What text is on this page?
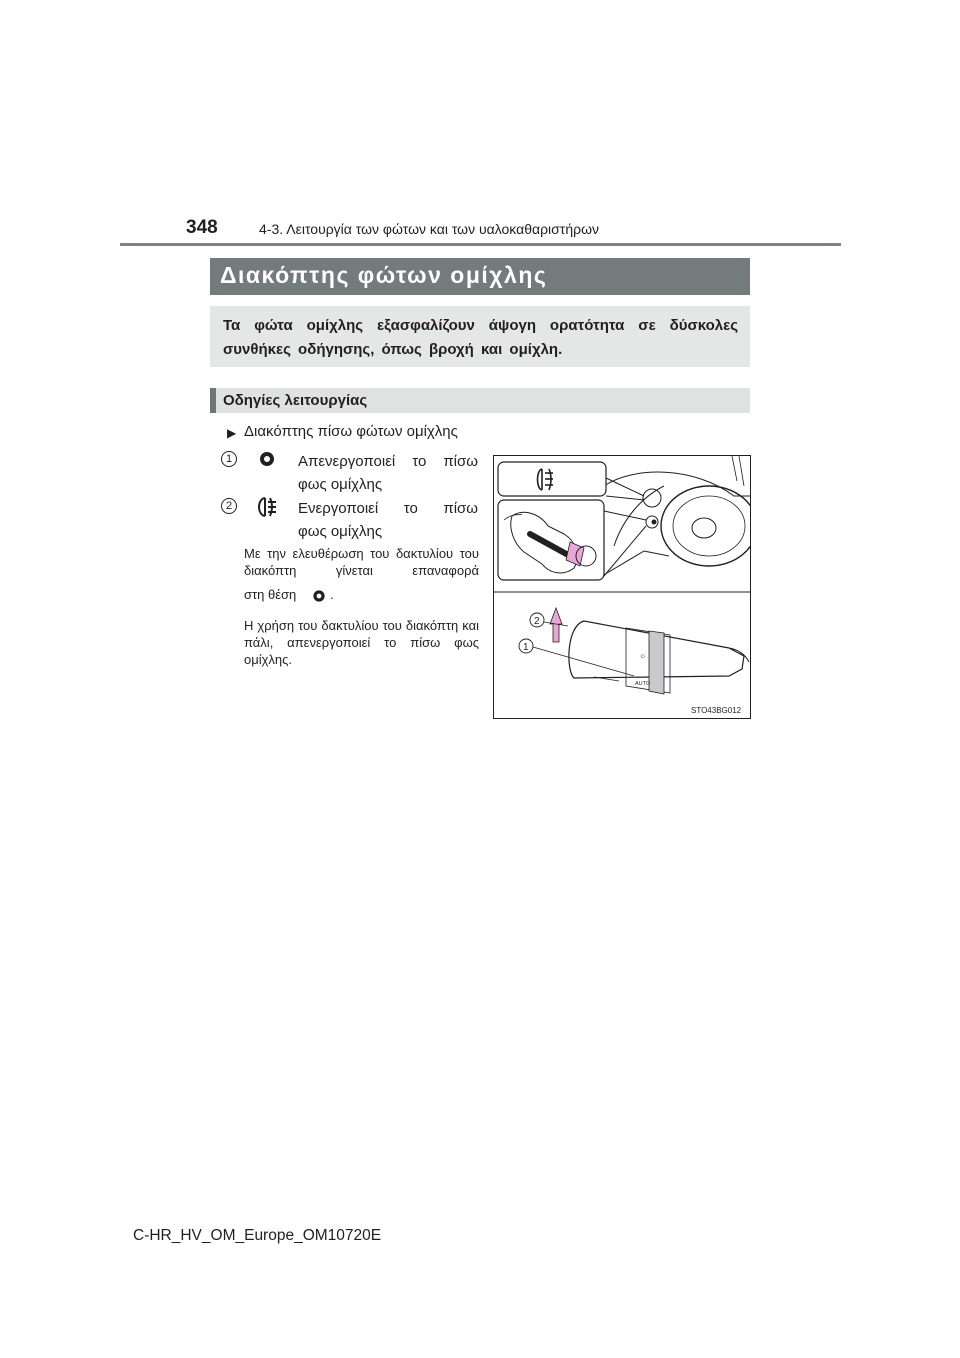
348	4-3. Λειτουργία των φώτων και των υαλοκαθαριστήρων
Διακόπτης φώτων ομίχλης
Τα φώτα ομίχλης εξασφαλίζουν άψογη ορατότητα σε δύσκολες συνθήκες οδήγησης, όπως βροχή και ομίχλη.
Οδηγίες λειτουργίας
▶ Διακόπτης πίσω φώτων ομίχλης
1	Απενεργοποιεί το πίσω
φως ομίχλης
2	Ενεργοποιεί το πίσω
φως ομίχλης
Με την ελευθέρωση του δακτυλίου του διακόπτη γίνεται επαναφορά
στη θέση	.
Η χρήση του δακτυλίου του διακόπτη και πάλι, απενεργοποιεί το πίσω φως ομίχλης.	☼
AUTO
2
1
STO43BG012
C-HR_HV_OM_Europe_OM10720E
